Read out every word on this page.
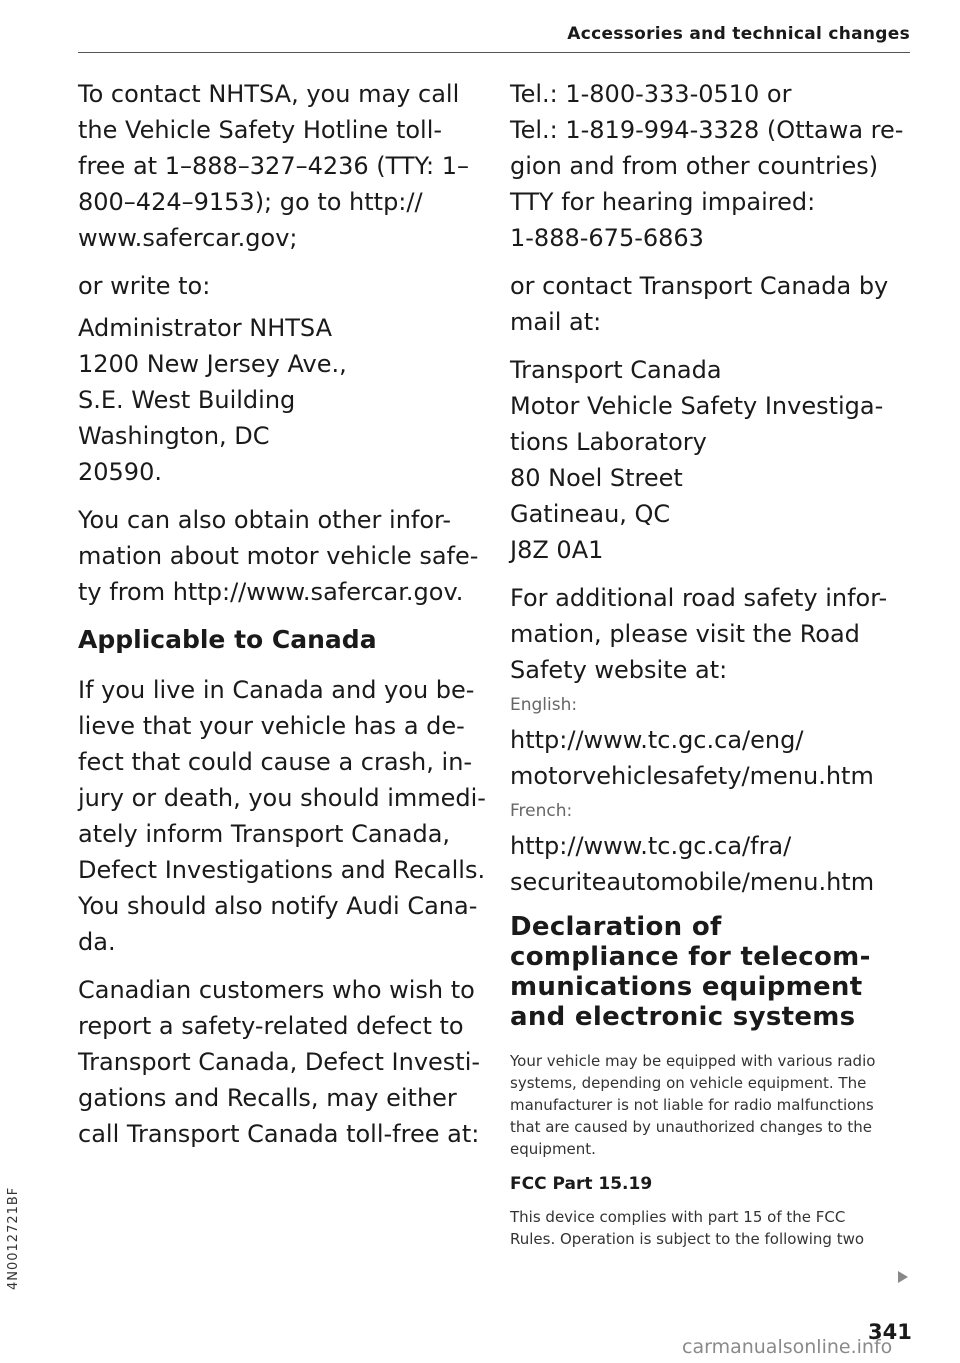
Accessories and technical changes

To contact NHTSA, you may call
the Vehicle Safety Hotline toll-
free at 1–888–327–4236 (TTY: 1–
800–424–9153); go to http://
www.safercar.gov;

or write to:

Administrator NHTSA
1200 New Jersey Ave.,
S.E. West Building
Washington, DC
20590.

You can also obtain other infor-
mation about motor vehicle safe-
ty from http://www.safercar.gov.

Applicable to Canada

If you live in Canada and you be-
lieve that your vehicle has a de-
fect that could cause a crash, in-
jury or death, you should immedi-
ately inform Transport Canada,
Defect Investigations and Recalls.
You should also notify Audi Cana-
da.

Canadian customers who wish to
report a safety-related defect to
Transport Canada, Defect Investi-
gations and Recalls, may either
call Transport Canada toll-free at:

Tel.: 1-800-333-0510 or
Tel.: 1-819-994-3328 (Ottawa re-
gion and from other countries)
TTY for hearing impaired:
1-888-675-6863

or contact Transport Canada by
mail at:

Transport Canada
Motor Vehicle Safety Investiga-
tions Laboratory
80 Noel Street
Gatineau, QC
J8Z 0A1

For additional road safety infor-
mation, please visit the Road
Safety website at:

English:

http://www.tc.gc.ca/eng/
motorvehiclesafety/menu.htm

French:

http://www.tc.gc.ca/fra/
securiteautomobile/menu.htm

Declaration of
compliance for telecom-
munications equipment
and electronic systems

Your vehicle may be equipped with various radio
systems, depending on vehicle equipment. The
manufacturer is not liable for radio malfunctions
that are caused by unauthorized changes to the
equipment.

FCC Part 15.19

This device complies with part 15 of the FCC
Rules. Operation is subject to the following two

341
4N0012721BF
carmanualsonline.info
